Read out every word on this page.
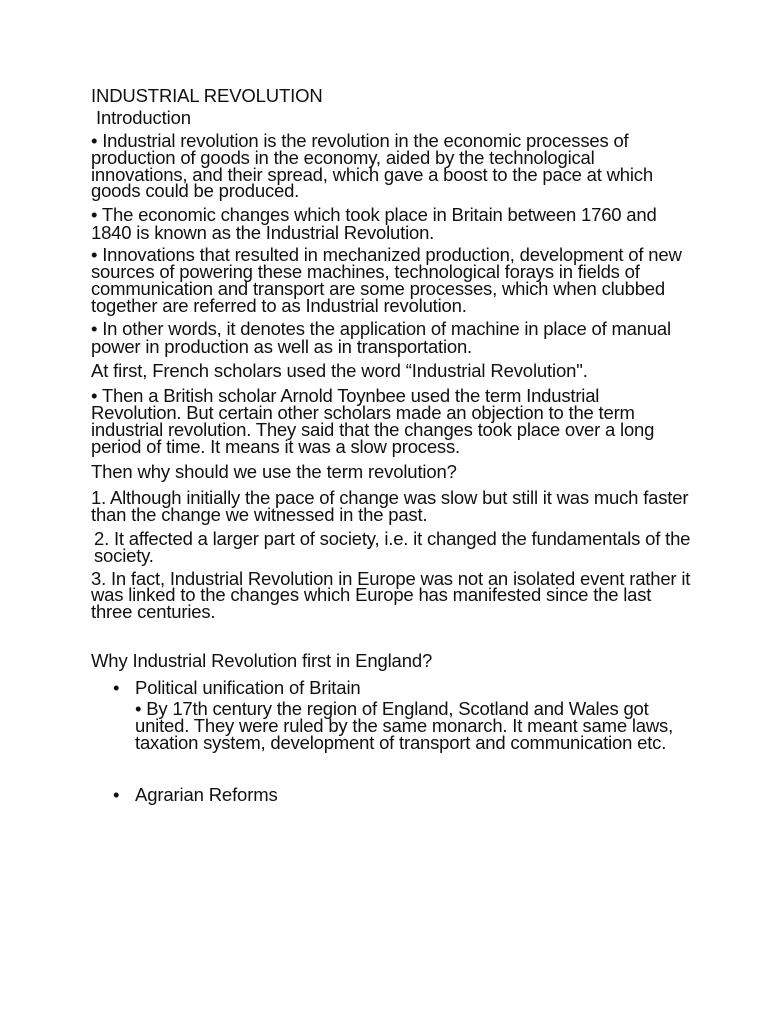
INDUSTRIAL REVOLUTION
Introduction
• Industrial revolution is the revolution in the economic processes of production of goods in the economy, aided by the technological innovations, and their spread, which gave a boost to the pace at which goods could be produced.
• The economic changes which took place in Britain between 1760 and 1840 is known as the Industrial Revolution.
• Innovations that resulted in mechanized production, development of new sources of powering these machines, technological forays in fields of communication and transport are some processes, which when clubbed together are referred to as Industrial revolution.
• In other words, it denotes the application of machine in place of manual power in production as well as in transportation.
At first, French scholars used the word “Industrial Revolution".
• Then a British scholar Arnold Toynbee used the term Industrial Revolution. But certain other scholars made an objection to the term industrial revolution. They said that the changes took place over a long period of time. It means it was a slow process.
Then why should we use the term revolution?
1. Although initially the pace of change was slow but still it was much faster than the change we witnessed in the past.
2. It affected a larger part of society, i.e. it changed the fundamentals of the society.
3. In fact, Industrial Revolution in Europe was not an isolated event rather it was linked to the changes which Europe has manifested since the last three centuries.
Why Industrial Revolution first in England?
• Political unification of Britain
• By 17th century the region of England, Scotland and Wales got united. They were ruled by the same monarch. It meant same laws, taxation system, development of transport and communication etc.
• Agrarian Reforms
